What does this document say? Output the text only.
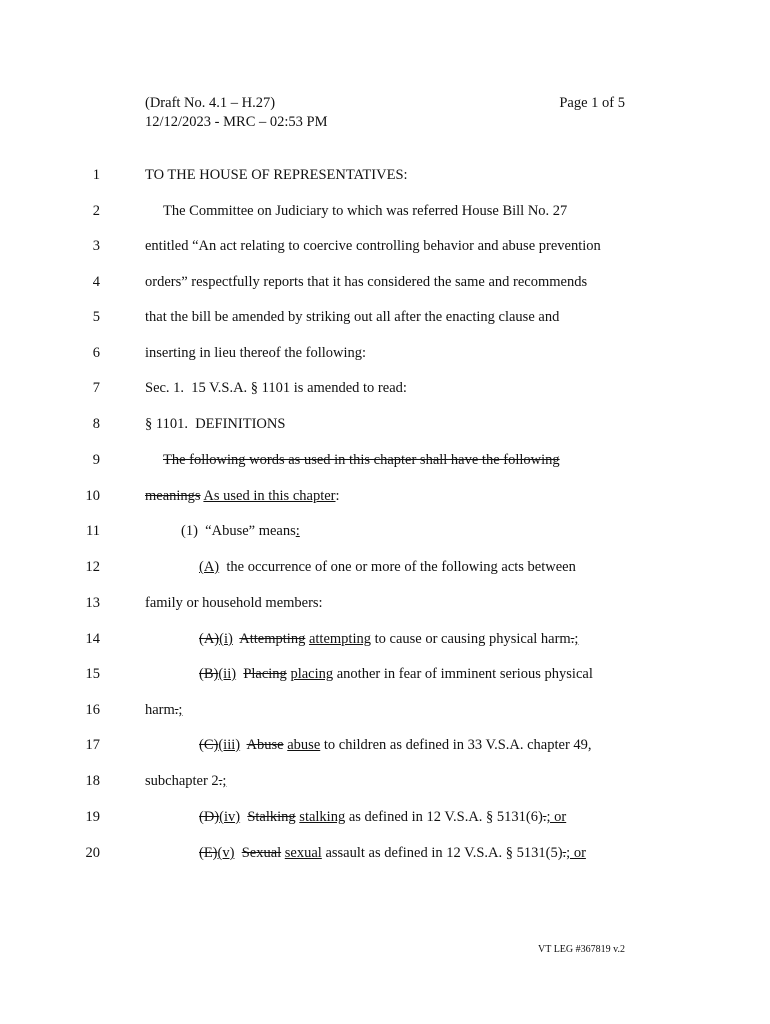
(Draft No. 4.1 – H.27)
12/12/2023 - MRC – 02:53 PM
Page 1 of 5
1	TO THE HOUSE OF REPRESENTATIVES:
2	The Committee on Judiciary to which was referred House Bill No. 27
3	entitled “An act relating to coercive controlling behavior and abuse prevention
4	orders” respectfully reports that it has considered the same and recommends
5	that the bill be amended by striking out all after the enacting clause and
6	inserting in lieu thereof the following:
7	Sec. 1.  15 V.S.A. § 1101 is amended to read:
8	§ 1101.  DEFINITIONS
9	The following words as used in this chapter shall have the following
10	meanings As used in this chapter:
11	(1)  “Abuse” means:
12	(A)  the occurrence of one or more of the following acts between
13	family or household members:
14	(A)(i) Attempting attempting to cause or causing physical harm.;
15	(B)(ii) Placing placing another in fear of imminent serious physical
16	harm.;
17	(C)(iii) Abuse abuse to children as defined in 33 V.S.A. chapter 49,
18	subchapter 2.;
19	(D)(iv) Stalking stalking as defined in 12 V.S.A. § 5131(6).; or
20	(E)(v) Sexual sexual assault as defined in 12 V.S.A. § 5131(5).; or
VT LEG #367819 v.2
